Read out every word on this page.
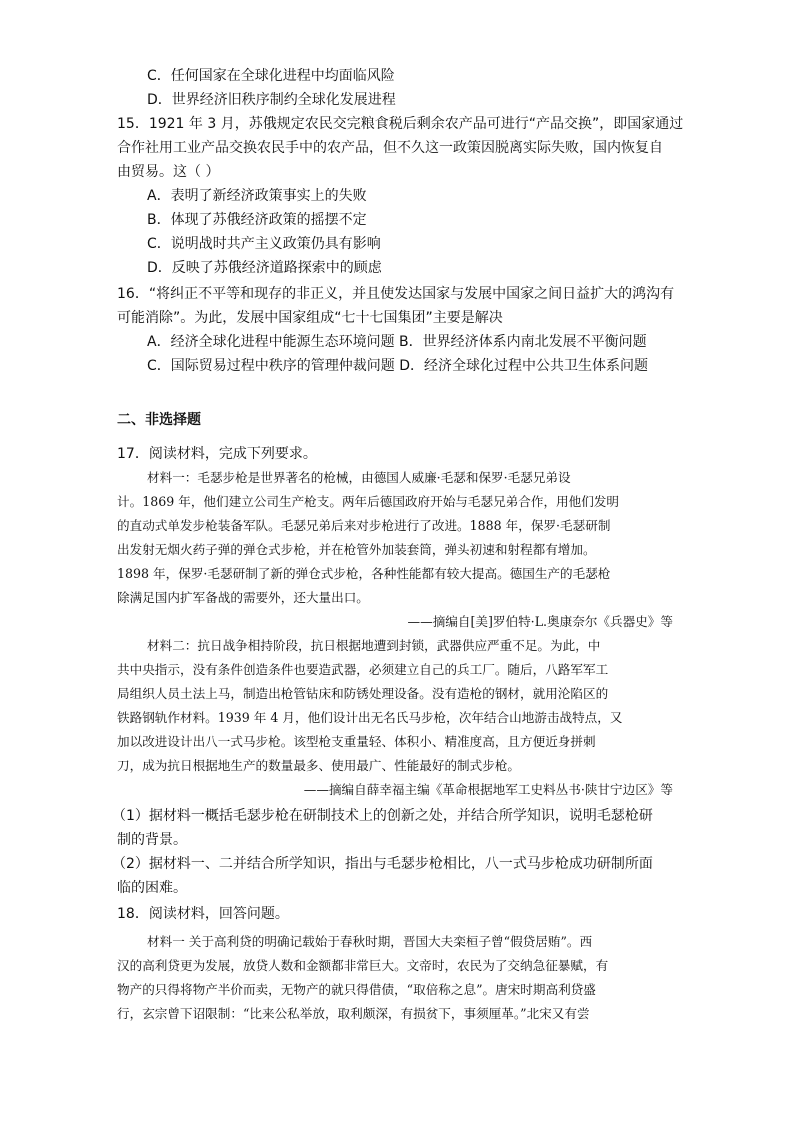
C．任何国家在全球化进程中均面临风险
D．世界经济旧秩序制约全球化发展进程
15．1921 年 3 月，苏俄规定农民交完粮食税后剩余农产品可进行“产品交换”，即国家通过
合作社用工业产品交换农民手中的农产品，但不久这一政策因脱离实际失败，国内恢复自
由贸易。这（ ）
A．表明了新经济政策事实上的失败
B．体现了苏俄经济政策的摇摆不定
C．说明战时共产主义政策仍具有影响
D．反映了苏俄经济道路探索中的顾虑
16．“将纠正不平等和现存的非正义，并且使发达国家与发展中国家之间日益扩大的鸿沟有
可能消除”。为此，发展中国家组成“七十七国集团”主要是解决
A．经济全球化进程中能源生态环境问题 B．世界经济体系内南北发展不平衡问题
C．国际贸易过程中秩序的管理仲裁问题 D．经济全球化过程中公共卫生体系问题
二、非选择题
17．阅读材料，完成下列要求。
材料一：毛瑟步枪是世界著名的枪械，由德国人威廉·毛瑟和保罗·毛瑟兄弟设
计。1869 年，他们建立公司生产枪支。两年后德国政府开始与毛瑟兄弟合作，用他们发明
的直动式单发步枪装备军队。毛瑟兄弟后来对步枪进行了改进。1888 年，保罗·毛瑟研制
出发射无烟火药子弹的弹仓式步枪，并在枪管外加装套筒，弹头初速和射程都有增加。
1898 年，保罗·毛瑟研制了新的弹仓式步枪，各种性能都有较大提高。德国生产的毛瑟枪
除满足国内扩军备战的需要外，还大量出口。
——摘编自[美]罗伯特·L.奥康奈尔《兵器史》等
材料二：抗日战争相持阶段，抗日根据地遭到封锁，武器供应严重不足。为此，中
共中央指示，没有条件创造条件也要造武器，必须建立自己的兵工厂。随后，八路军军工
局组织人员土法上马，制造出枪管钻床和防锈处理设备。没有造枪的钢材，就用沦陷区的
铁路钢轨作材料。1939 年 4 月，他们设计出无名氏马步枪，次年结合山地游击战特点，又
加以改进设计出八一式马步枪。该型枪支重量轻、体积小、精准度高，且方便近身拼刺
刀，成为抗日根据地生产的数量最多、使用最广、性能最好的制式步枪。
——摘编自薛幸福主编《革命根据地军工史料丛书·陕甘宁边区》等
（1）据材料一概括毛瑟步枪在研制技术上的创新之处，并结合所学知识，说明毛瑟枪研
制的背景。
（2）据材料一、二并结合所学知识，指出与毛瑟步枪相比，八一式马步枪成功研制所面
临的困难。
18．阅读材料，回答问题。
材料一 关于高利贷的明确记载始于春秋时期，晋国大夫栾桓子曾“假贷居贿”。西
汉的高利贷更为发展，放贷人数和金额都非常巨大。文帝时，农民为了交纳急征暴赋，有
物产的只得将物产半价而卖，无物产的就只得借债，“取倍称之息”。唐宋时期高利贷盛
行，玄宗曾下诏限制：“比来公私举放，取利颇深，有损贫下，事须厘革。”北宋又有尝
